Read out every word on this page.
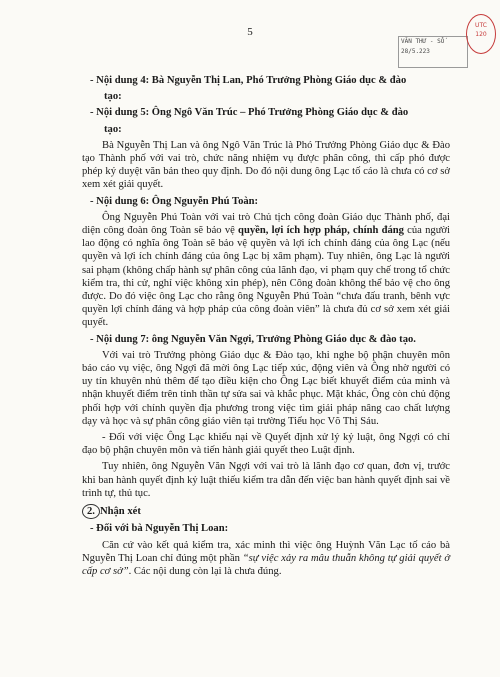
5
VĂN THƯ - SỐ
28/5.223
UTC
120

- Nội dung 4: Bà Nguyễn Thị Lan, Phó Trưởng Phòng Giáo dục & đào

tạo:

- Nội dung 5: Ông Ngô Văn Trúc – Phó Trưởng Phòng Giáo dục & đào

tạo:

Bà Nguyễn Thị Lan và ông Ngô Văn Trúc là Phó Trưởng Phòng Giáo dục & Đào tạo Thành phố với vai trò, chức năng nhiệm vụ được phân công, thì cấp phó được phép ký duyệt văn bản theo quy định. Do đó nội dung ông Lạc tố cáo là chưa có cơ sở xem xét giải quyết.

- Nội dung 6: Ông Nguyễn Phú Toàn:

Ông Nguyễn Phú Toàn với vai trò Chủ tịch công đoàn Giáo dục Thành phố, đại diện công đoàn ông Toàn sẽ bảo vệ quyền, lợi ích hợp pháp, chính đáng của người lao động có nghĩa ông Toàn sẽ bảo vệ quyền và lợi ích chính đáng của ông Lạc (nếu quyền và lợi ích chính đáng của ông Lạc bị xâm phạm). Tuy nhiên, ông Lạc là người sai phạm (không chấp hành sự phân công của lãnh đạo, vi phạm quy chế trong tổ chức kiểm tra, thi cử, nghỉ việc không xin phép), nên Công đoàn không thể bảo vệ cho ông được. Do đó việc ông Lạc cho rằng ông Nguyễn Phú Toàn “chưa đấu tranh, bênh vực quyền lợi chính đáng và hợp pháp của công đoàn viên” là chưa đủ cơ sở xem xét giải quyết.

- Nội dung 7: ông Nguyễn Văn Ngợi, Trưởng Phòng Giáo dục & đào tạo.

Với vai trò Trưởng phòng Giáo dục & Đào tạo, khi nghe bộ phận chuyên môn báo cáo vụ việc, ông Ngợi đã mời ông Lạc tiếp xúc, động viên và Ông nhờ người có uy tín khuyên nhủ thêm để tạo điều kiện cho Ông Lạc biết khuyết điểm của mình và nhận khuyết điểm trên tinh thần tự sửa sai và khắc phục. Mặt khác, Ông còn chủ động phối hợp với chính quyền địa phương trong việc tìm giải pháp nâng cao chất lượng dạy và học và sự phân công giáo viên tại trường Tiểu học Võ Thị Sáu.

- Đối với việc Ông Lạc khiếu nại về Quyết định xử lý kỷ luật, ông Ngợi có chỉ đạo bộ phận chuyên môn và tiến hành giải quyết theo Luật định.

Tuy nhiên, ông Nguyễn Văn Ngợi với vai trò là lãnh đạo cơ quan, đơn vị, trước khi ban hành quyết định kỷ luật thiếu kiểm tra dẫn đến việc ban hành quyết định sai về trình tự, thủ tục.

2. Nhận xét

- Đối với bà Nguyễn Thị Loan:

Căn cứ vào kết quả kiểm tra, xác minh thì việc ông Huỳnh Văn Lạc tố cáo bà Nguyễn Thị Loan chỉ đúng một phần “sự việc xảy ra mâu thuẫn không tự giải quyết ở cấp cơ sở”. Các nội dung còn lại là chưa đúng.
